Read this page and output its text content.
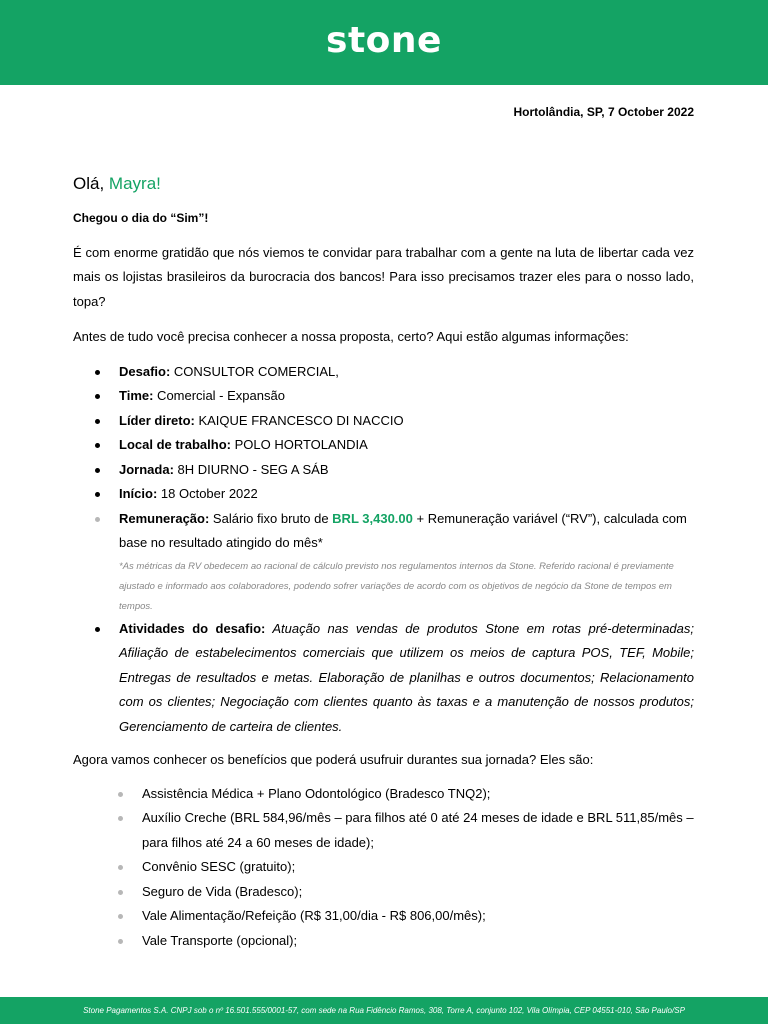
stone
Hortolândia, SP, 7 October 2022
Olá, Mayra!
Chegou o dia do “Sim”!
É com enorme gratidão que nós viemos te convidar para trabalhar com a gente na luta de libertar cada vez mais os lojistas brasileiros da burocracia dos bancos! Para isso precisamos trazer eles para o nosso lado, topa?
Antes de tudo você precisa conhecer a nossa proposta, certo? Aqui estão algumas informações:
Desafio: CONSULTOR COMERCIAL,
Time: Comercial - Expansão
Líder direto: KAIQUE FRANCESCO DI NACCIO
Local de trabalho: POLO HORTOLANDIA
Jornada: 8H DIURNO - SEG A SÁB
Início: 18 October 2022
Remuneração: Salário fixo bruto de BRL 3,430.00 + Remuneração variável (“RV”), calculada com base no resultado atingido do mês*
*As métricas da RV obedecem ao racional de cálculo previsto nos regulamentos internos da Stone. Referido racional é previamente ajustado e informado aos colaboradores, podendo sofrer variações de acordo com os objetivos de negócio da Stone de tempos em tempos.
Atividades do desafio: Atuação nas vendas de produtos Stone em rotas pré-determinadas; Afiliação de estabelecimentos comerciais que utilizem os meios de captura POS, TEF, Mobile; Entregas de resultados e metas. Elaboração de planilhas e outros documentos; Relacionamento com os clientes; Negociação com clientes quanto às taxas e a manutenção de nossos produtos; Gerenciamento de carteira de clientes.
Agora vamos conhecer os benefícios que poderá usufruir durantes sua jornada? Eles são:
Assistência Médica + Plano Odontológico (Bradesco TNQ2);
Auxílio Creche (BRL 584,96/mês – para filhos até 0 até 24 meses de idade e BRL 511,85/mês – para filhos até 24 a 60 meses de idade);
Convênio SESC (gratuito);
Seguro de Vida (Bradesco);
Vale Alimentação/Refeição (R$ 31,00/dia - R$ 806,00/mês);
Vale Transporte (opcional);
Stone Pagamentos S.A. CNPJ sob o nº 16.501.555/0001-57, com sede na Rua Fidêncio Ramos, 308, Torre A, conjunto 102, Vila Olímpia, CEP 04551-010, São Paulo/SP
